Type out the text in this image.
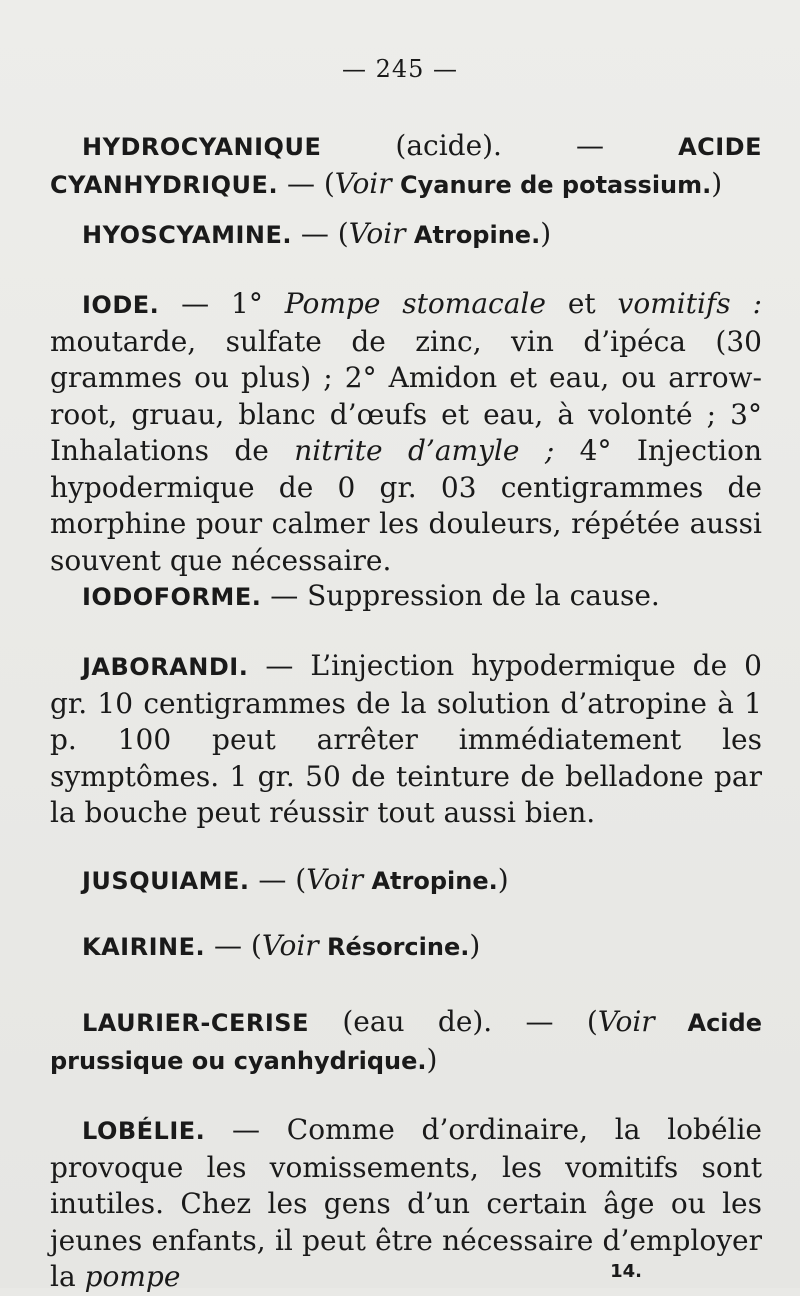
— 245 —

HYDROCYANIQUE (acide). — ACIDE CYANHYDRIQUE. — (Voir Cyanure de potassium.)

HYOSCYAMINE. — (Voir Atropine.)

IODE. — 1° Pompe stomacale et vomitifs : moutarde, sulfate de zinc, vin d’ipéca (30 grammes ou plus) ; 2° Amidon et eau, ou arrow-root, gruau, blanc d’œufs et eau, à volonté ; 3° Inhalations de nitrite d’amyle ; 4° Injection hypodermique de 0 gr. 03 centigrammes de morphine pour calmer les douleurs, répétée aussi souvent que nécessaire.

IODOFORME. — Suppression de la cause.

JABORANDI. — L’injection hypodermique de 0 gr. 10 centigrammes de la solution d’atropine à 1 p. 100 peut arrêter immédiatement les symptômes. 1 gr. 50 de teinture de belladone par la bouche peut réussir tout aussi bien.

JUSQUIAME. — (Voir Atropine.)

KAIRINE. — (Voir Résorcine.)

LAURIER-CERISE (eau de). — (Voir Acide prussique ou cyanhydrique.)

LOBÉLIE. — Comme d’ordinaire, la lobélie provoque les vomissements, les vomitifs sont inutiles. Chez les gens d’un certain âge ou les jeunes enfants, il peut être nécessaire d’employer la pompe	14.
